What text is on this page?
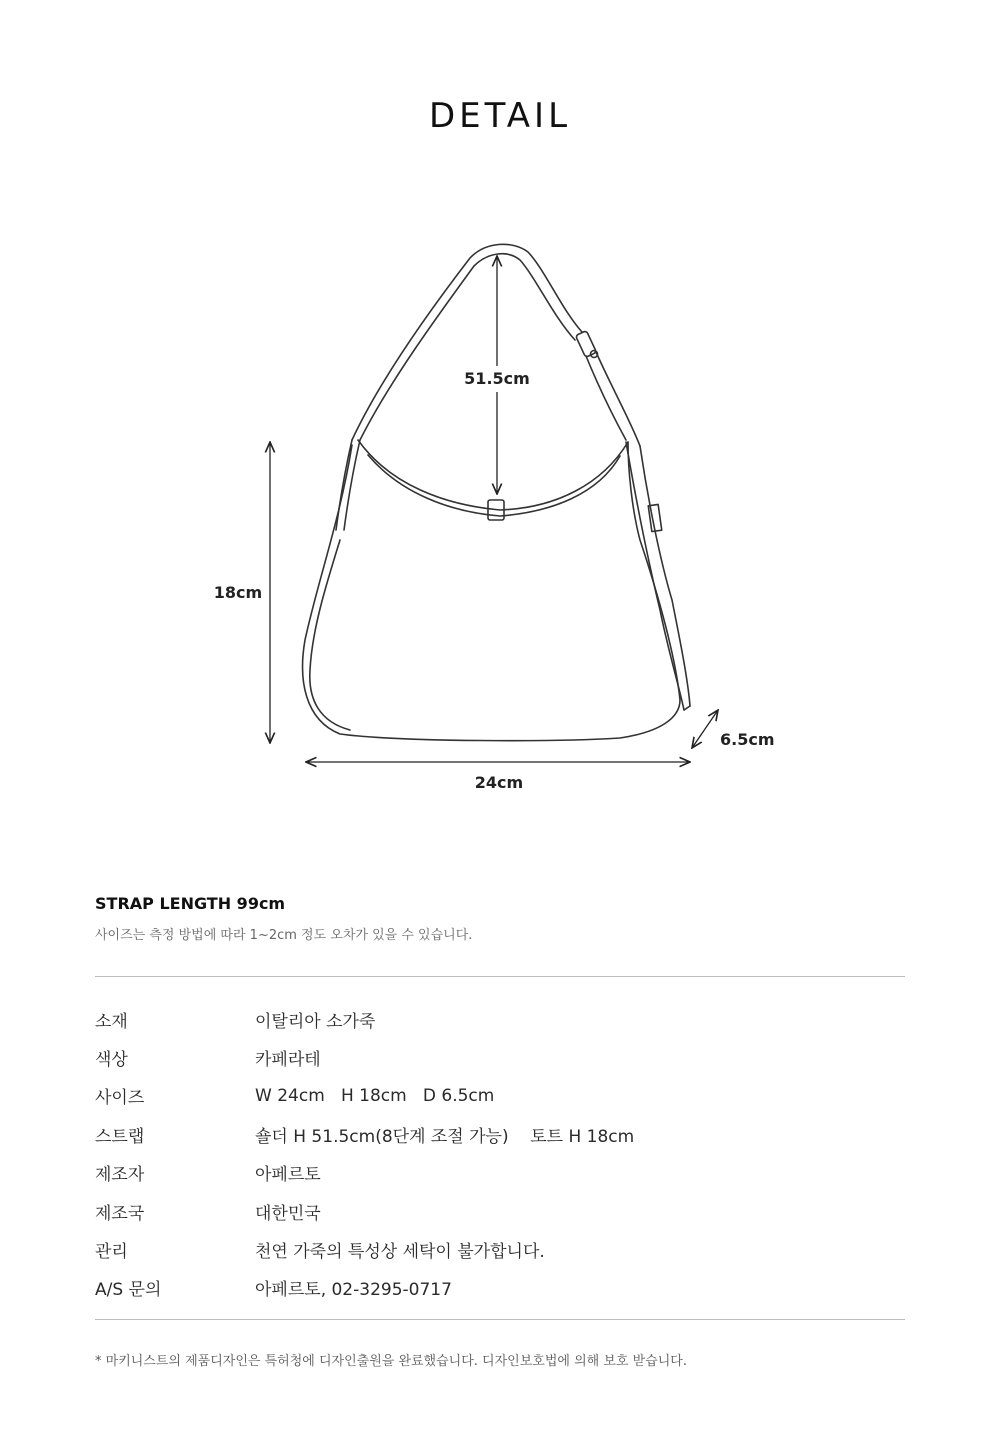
DETAIL
51.5cm
18cm
24cm
6.5cm
STRAP LENGTH 99cm
사이즈는 측정 방법에 따라 1~2cm 정도 오차가 있을 수 있습니다.
소재	이탈리아 소가죽
색상	카페라테
사이즈	W 24cm   H 18cm   D 6.5cm
스트랩	숄더 H 51.5cm(8단계 조절 가능)    토트 H 18cm
제조자	아페르토
제조국	대한민국
관리	천연 가죽의 특성상 세탁이 불가합니다.
A/S 문의	아페르토, 02-3295-0717
* 마키니스트의 제품디자인은 특허청에 디자인출원을 완료했습니다. 디자인보호법에 의해 보호 받습니다.
